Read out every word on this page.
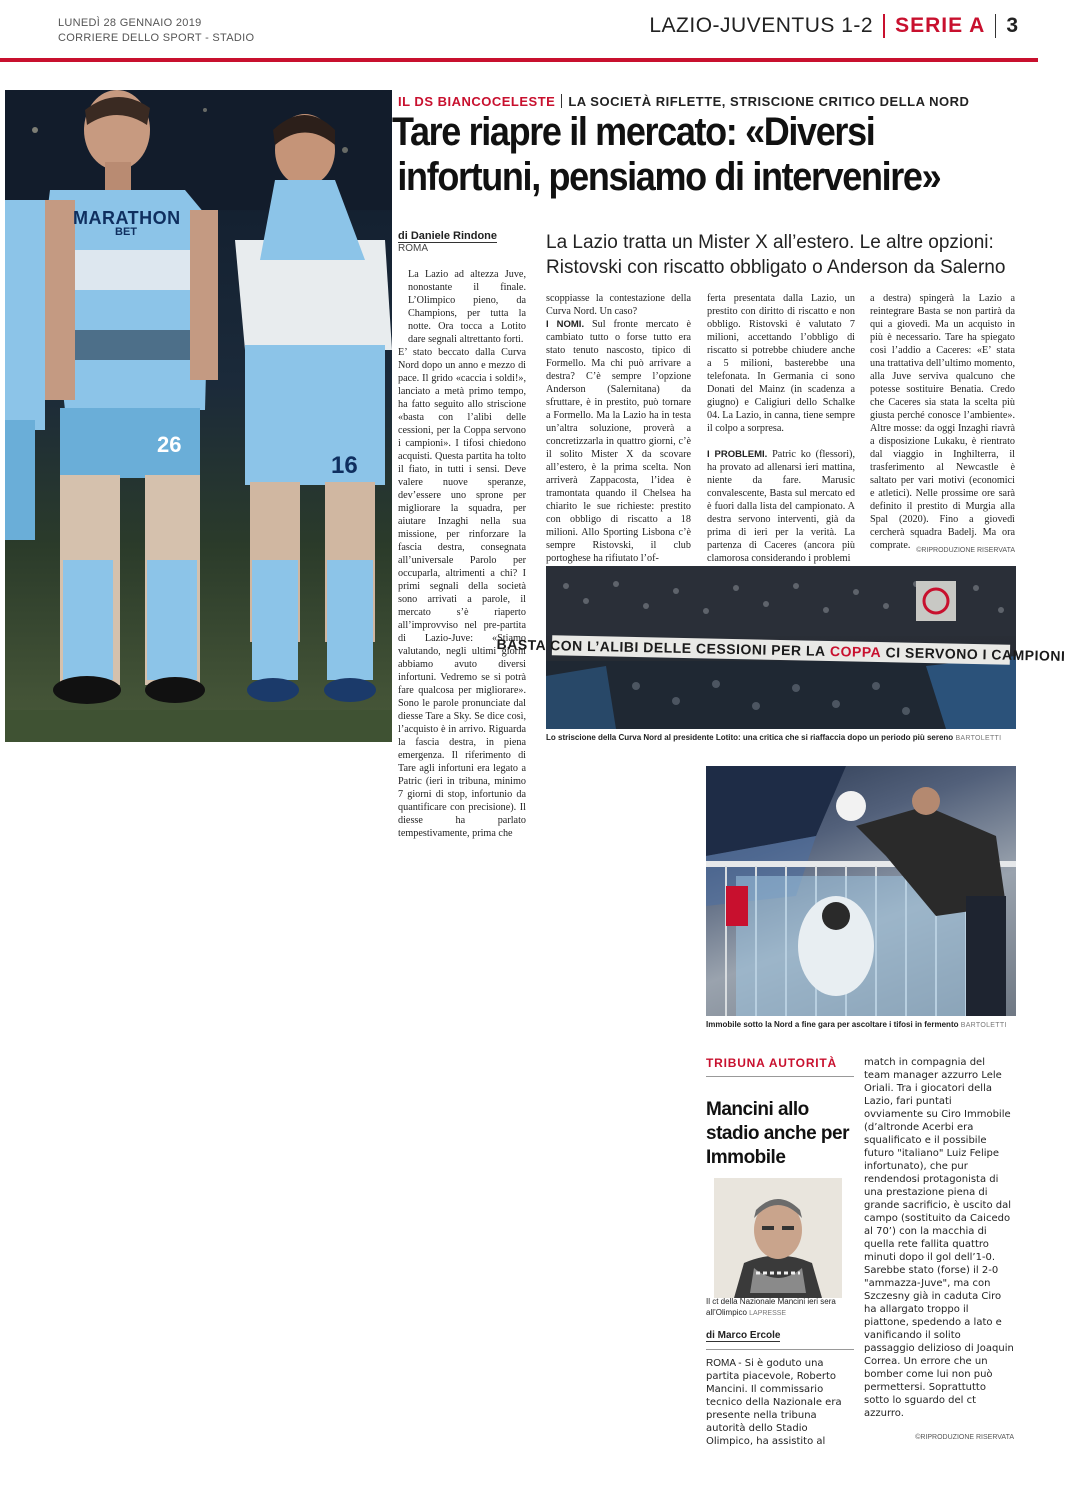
LUNEDÌ 28 GENNAIO 2019
CORRIERE DELLO SPORT - STADIO
LAZIO-JUVENTUS 1-2 SERIE A 3
MARATHON
BET
26
16
IL DS BIANCOCELESTE LA SOCIETÀ RIFLETTE, STRISCIONE CRITICO DELLA NORD
Tare riapre il mercato: «Diversi
infortuni, pensiamo di intervenire»
di Daniele Rindone
ROMA	La Lazio tratta un Mister X all’estero. Le altre opzioni:
Ristovski con riscatto obbligato o Anderson da Salerno

La Lazio ad altezza Juve, nonostante il finale. L’Olimpico pieno, da Champions, per tutta la notte. Ora tocca a Lotito dare segnali altrettanto forti.

E’ stato beccato dalla Curva Nord dopo un anno e mezzo di pace. Il grido «caccia i soldi!», lanciato a metà primo tempo, ha fatto seguito allo striscione «basta con l’alibi delle cessioni, per la Coppa servono i campioni». I tifosi chiedono acquisti. Questa partita ha tolto il fiato, in tutti i sensi. Deve valere nuove speranze, dev’essere uno sprone per migliorare la squadra, per aiutare Inzaghi nella sua missione, per rinforzare la fascia destra, consegnata all’universale Parolo per occuparla, altrimenti a chi? I primi segnali della società sono arrivati a parole, il mercato s’è riaperto all’improvviso nel pre-partita di Lazio-Juve: «Stiamo valutando, negli ultimi giorni abbiamo avuto diversi infortuni. Vedremo se si potrà fare qualcosa per migliorare». Sono le parole pronunciate dal diesse Tare a Sky. Se dice così, l’acquisto è in arrivo. Riguarda la fascia destra, in piena emergenza. Il riferimento di Tare agli infortuni era legato a Patric (ieri in tribuna, minimo 7 giorni di stop, infortunio da quantificare con precisione). Il diesse ha parlato tempestivamente, prima che

scoppiasse la contestazione della Curva Nord. Un caso?

I NOMI. Sul fronte mercato è cambiato tutto o forse tutto era stato tenuto nascosto, tipico di Formello. Ma chi può arrivare a destra? C’è sempre l’opzione Anderson (Salernitana) da sfruttare, è in prestito, può tornare a Formello. Ma la Lazio ha in testa un’altra soluzione, proverà a concretizzarla in quattro giorni, c’è il solito Mister X da scovare all’estero, è la prima scelta. Non arriverà Zappacosta, l’idea è tramontata quando il Chelsea ha chiarito le sue richieste: prestito con obbligo di riscatto a 18 milioni. Allo Sporting Lisbona c’è sempre Ristovski, il club portoghese ha rifiutato l’of-

ferta presentata dalla Lazio, un prestito con diritto di riscatto e non obbligo. Ristovski è valutato 7 milioni, accettando l’obbligo di riscatto si potrebbe chiudere anche a 5 milioni, basterebbe una telefonata. In Germania ci sono Donati del Mainz (in scadenza a giugno) e Caligiuri dello Schalke 04. La Lazio, in canna, tiene sempre il colpo a sorpresa.

I PROBLEMI. Patric ko (flessori), ha provato ad allenarsi ieri mattina, niente da fare. Marusic convalescente, Basta sul mercato ed è fuori dalla lista del campionato. A destra servono interventi, già da prima di ieri per la verità. La partenza di Caceres (ancora più clamorosa considerando i problemi

a destra) spingerà la Lazio a reintegrare Basta se non partirà da qui a giovedì. Ma un acquisto in più è necessario. Tare ha spiegato così l’addio a Caceres: «E’ stata una trattativa dell’ultimo momento, alla Juve serviva qualcuno che potesse sostituire Benatia. Credo che Caceres sia stata la scelta più giusta perché conosce l’ambiente». Altre mosse: da oggi Inzaghi riavrà a disposizione Lukaku, è rientrato dal viaggio in Inghilterra, il trasferimento al Newcastle è saltato per vari motivi (economici e atletici). Nelle prossime ore sarà definito il prestito di Murgia alla Spal (2020). Fino a giovedì cercherà squadra Badelj. Ma ora comprate. ©RIPRODUZIONE RISERVATA
BASTA CON L’ALIBI DELLE CESSIONI PER LA
COPPA
CI SERVONO I CAMPIONI
Lo striscione della Curva Nord al presidente Lotito: una critica che si riaffaccia dopo un periodo più sereno BARTOLETTI
Immobile sotto la Nord a fine gara per ascoltare i tifosi in fermento BARTOLETTI
TRIBUNA AUTORITÀ
Mancini allo stadio anche per Immobile
Il ct della Nazionale Mancini ieri sera all’Olimpico LAPRESSE
di Marco Ercole

ROMA - Si è goduto una partita piacevole, Roberto Mancini. Il commissario tecnico della Nazionale era presente nella tribuna autorità dello Stadio Olimpico, ha assistito al

match in compagnia del team manager azzurro Lele Oriali. Tra i giocatori della Lazio, fari puntati ovviamente su Ciro Immobile (d’altronde Acerbi era squalificato e il possibile futuro "italiano" Luiz Felipe infortunato), che pur rendendosi protagonista di una prestazione piena di grande sacrificio, è uscito dal campo (sostituito da Caicedo al 70’) con la macchia di quella rete fallita quattro minuti dopo il gol dell’1-0. Sarebbe stato (forse) il 2-0 "ammazza-Juve", ma con Szczesny già in caduta Ciro ha allargato troppo il piattone, spedendo a lato e vanificando il solito passaggio delizioso di Joaquin Correa. Un errore che un bomber come lui non può permettersi. Soprattutto sotto lo sguardo del ct azzurro.

©RIPRODUZIONE RISERVATA
